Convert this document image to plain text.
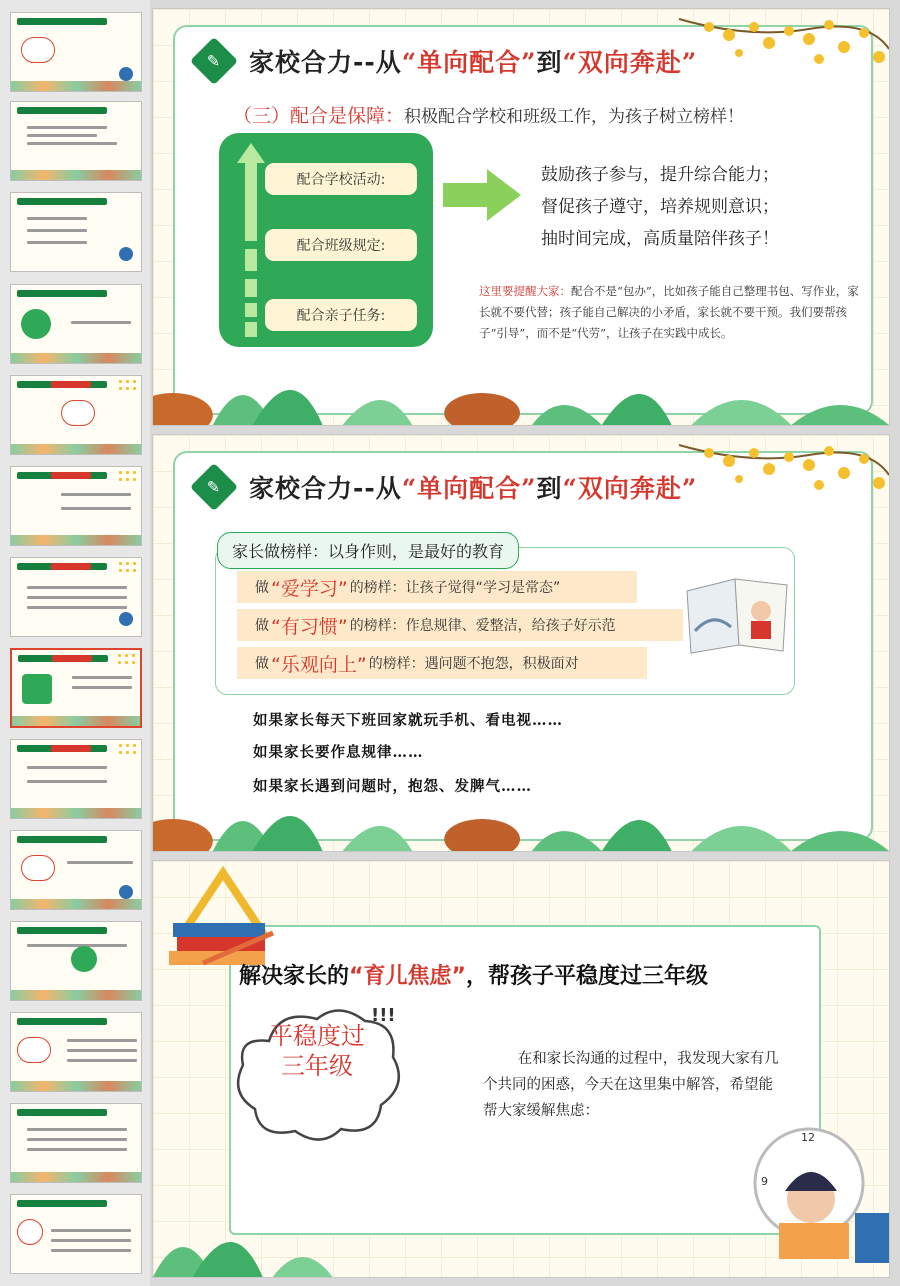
✎ 家校合力--从“单向配合”到“双向奔赴”
（三）配合是保障：积极配合学校和班级工作，为孩子树立榜样！
配合学校活动:
配合班级规定:
配合亲子任务:
鼓励孩子参与，提升综合能力；
督促孩子遵守，培养规则意识；
抽时间完成，高质量陪伴孩子！
这里要提醒大家：配合不是“包办”，比如孩子能自己整理书包、写作业，家长就不要代替；孩子能自己解决的小矛盾，家长就不要干预。我们要帮孩子“引导”，而不是“代劳”，让孩子在实践中成长。
✎ 家校合力--从“单向配合”到“双向奔赴”
家长做榜样：以身作则，是最好的教育
做 “爱学习” 的榜样：让孩子觉得“学习是常态”
做 “有习惯” 的榜样：作息规律、爱整洁，给孩子好示范
做 “乐观向上” 的榜样：遇问题不抱怨，积极面对
如果家长每天下班回家就玩手机、看电视……
如果家长要作息规律……
如果家长遇到问题时，抱怨、发脾气……
解决家长的“育儿焦虑”，帮孩子平稳度过三年级
!!!
平稳度过
三年级	在和家长沟通的过程中，我发现大家有几个共同的困惑，今天在这里集中解答，希望能帮大家缓解焦虑：
12
9
